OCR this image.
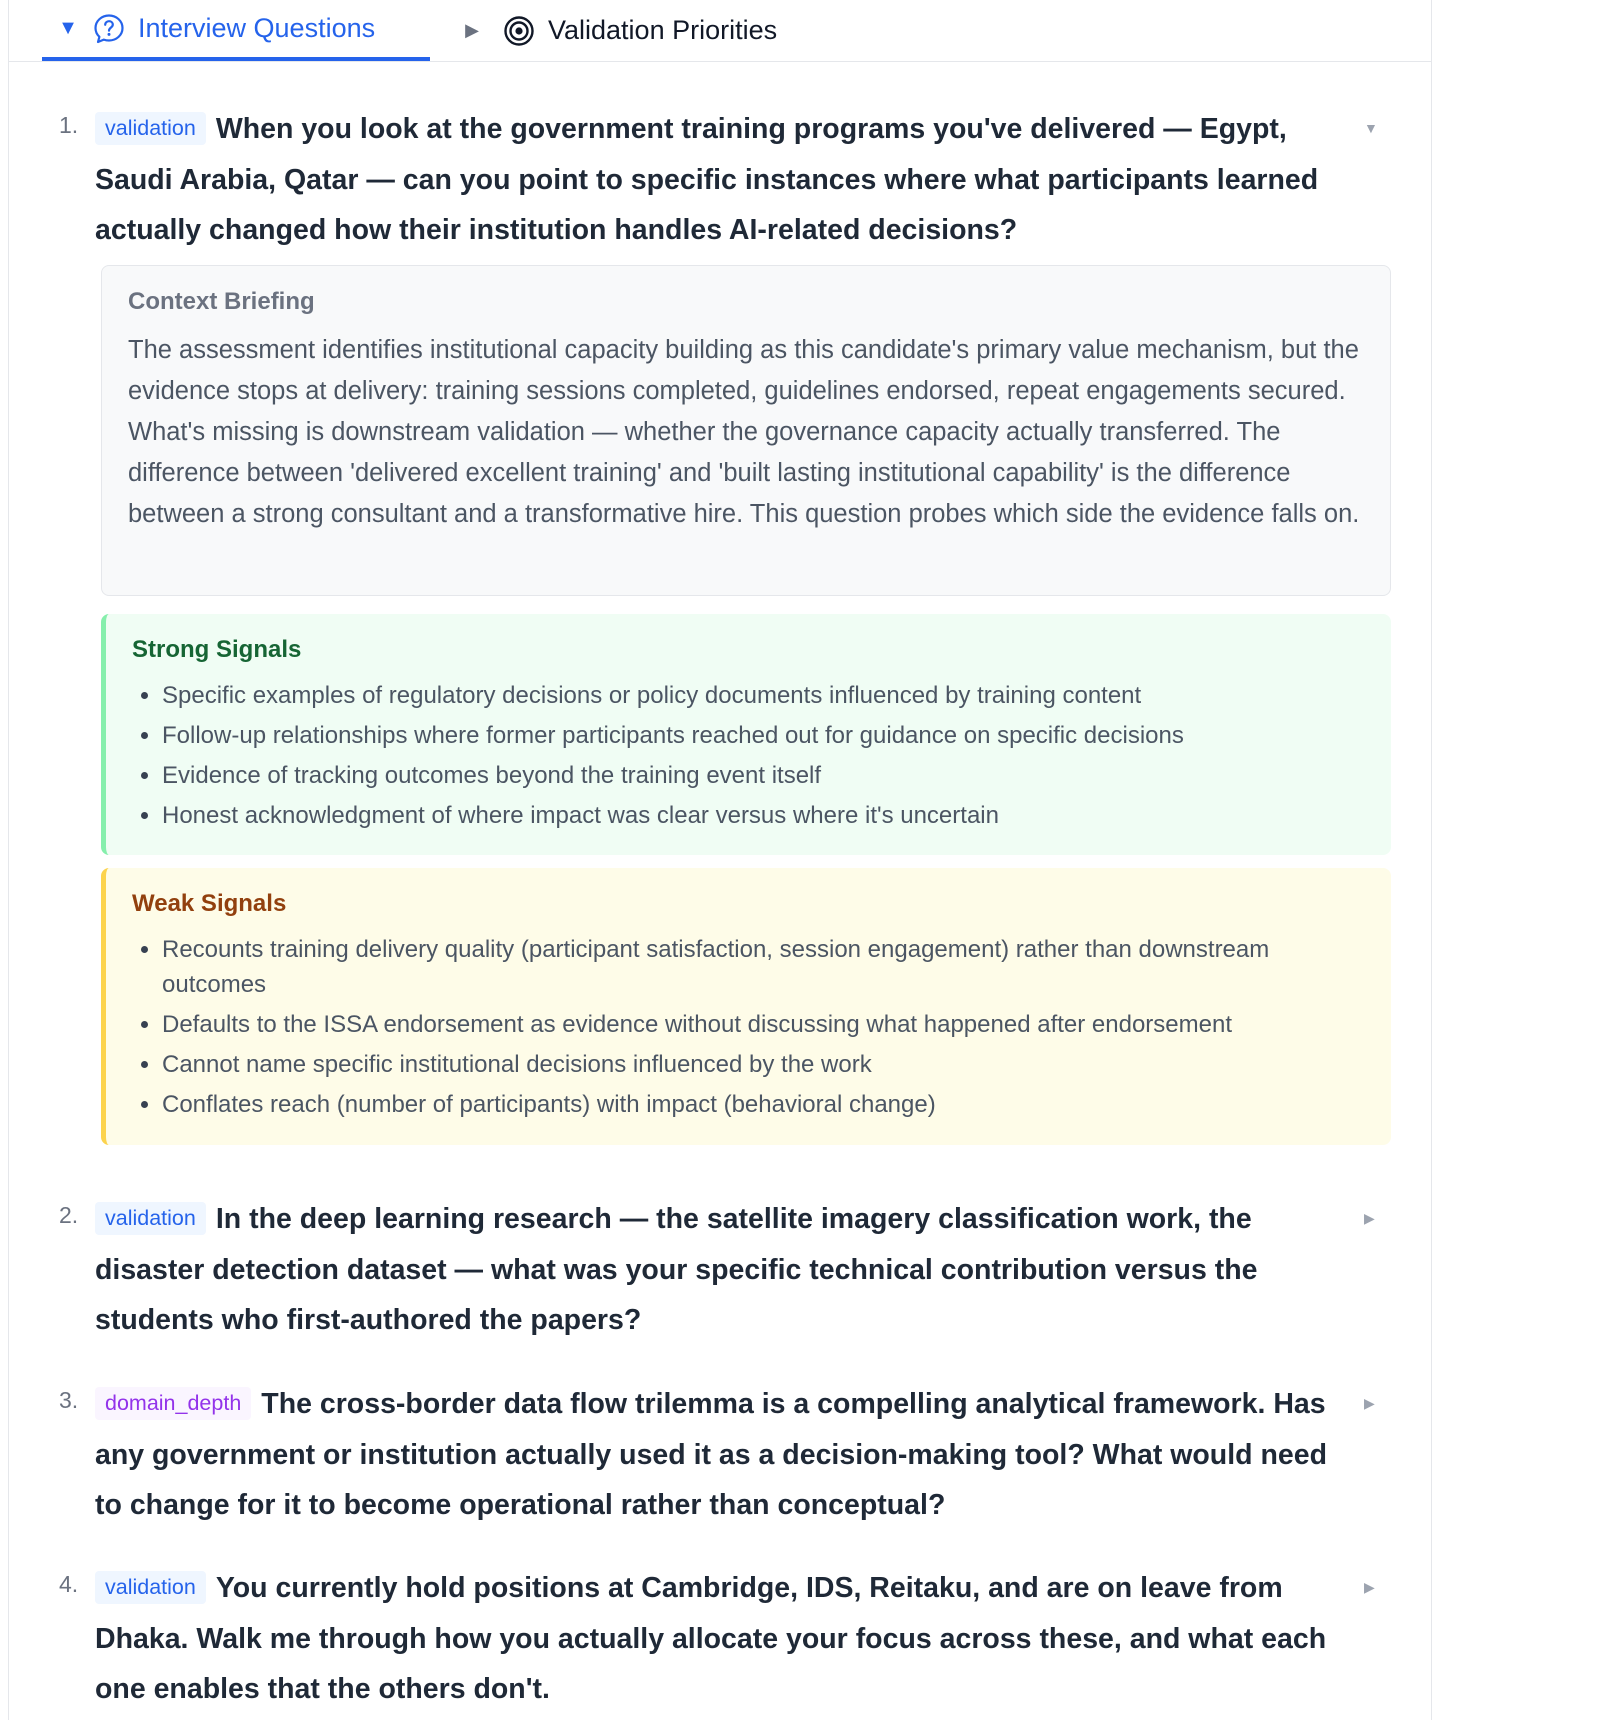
▼ Interview Questions	▶	Validation Priorities
1.	validation When you look at the government training programs you've delivered — Egypt, Saudi Arabia, Qatar — can you point to specific instances where what participants learned actually changed how their institution handles AI-related decisions?
▼
Context Briefing
The assessment identifies institutional capacity building as this candidate's primary value mechanism, but the evidence stops at delivery: training sessions completed, guidelines endorsed, repeat engagements secured. What's missing is downstream validation — whether the governance capacity actually transferred. The difference between 'delivered excellent training' and 'built lasting institutional capability' is the difference between a strong consultant and a transformative hire. This question probes which side the evidence falls on.
Strong Signals
• Specific examples of regulatory decisions or policy documents influenced by training content
• Follow-up relationships where former participants reached out for guidance on specific decisions
• Evidence of tracking outcomes beyond the training event itself
• Honest acknowledgment of where impact was clear versus where it's uncertain
Weak Signals
• Recounts training delivery quality (participant satisfaction, session engagement) rather than downstream outcomes
• Defaults to the ISSA endorsement as evidence without discussing what happened after endorsement
• Cannot name specific institutional decisions influenced by the work
• Conflates reach (number of participants) with impact (behavioral change)
2.	validation In the deep learning research — the satellite imagery classification work, the disaster detection dataset — what was your specific technical contribution versus the students who first-authored the papers?
▶
3.	domain_depth The cross-border data flow trilemma is a compelling analytical framework. Has any government or institution actually used it as a decision-making tool? What would need to change for it to become operational rather than conceptual?
▶
4.	validation You currently hold positions at Cambridge, IDS, Reitaku, and are on leave from Dhaka. Walk me through how you actually allocate your focus across these, and what each one enables that the others don't.
▶
